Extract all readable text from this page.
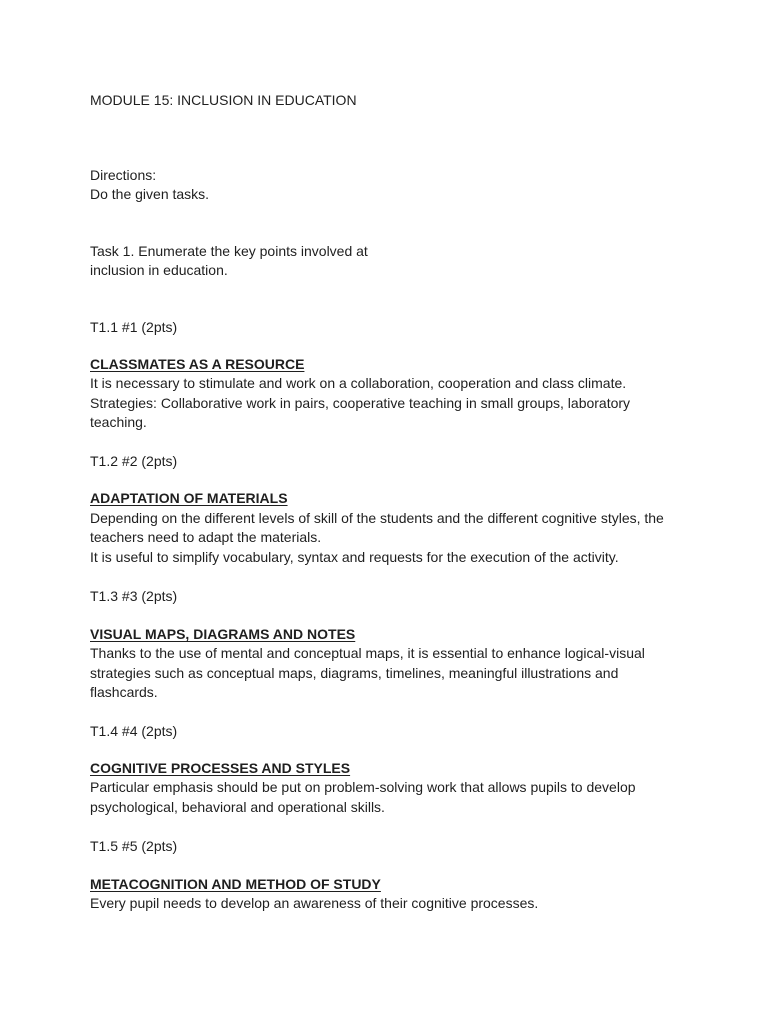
MODULE 15: INCLUSION IN EDUCATION

Directions:

Do the given tasks.

Task 1. Enumerate the key points involved at

inclusion in education.

T1.1 #1 (2pts)

CLASSMATES AS A RESOURCE

It is necessary to stimulate and work on a collaboration, cooperation and class climate.

Strategies: Collaborative work in pairs, cooperative teaching in small groups, laboratory

teaching.

T1.2 #2 (2pts)

ADAPTATION OF MATERIALS

Depending on the different levels of skill of the students and the different cognitive styles, the

teachers need to adapt the materials.

It is useful to simplify vocabulary, syntax and requests for the execution of the activity.

T1.3 #3 (2pts)

VISUAL MAPS, DIAGRAMS AND NOTES

Thanks to the use of mental and conceptual maps, it is essential to enhance logical-visual

strategies such as conceptual maps, diagrams, timelines, meaningful illustrations and

flashcards.

T1.4 #4 (2pts)

COGNITIVE PROCESSES AND STYLES

Particular emphasis should be put on problem-solving work that allows pupils to develop

psychological, behavioral and operational skills.

T1.5 #5 (2pts)

METACOGNITION AND METHOD OF STUDY

Every pupil needs to develop an awareness of their cognitive processes.
